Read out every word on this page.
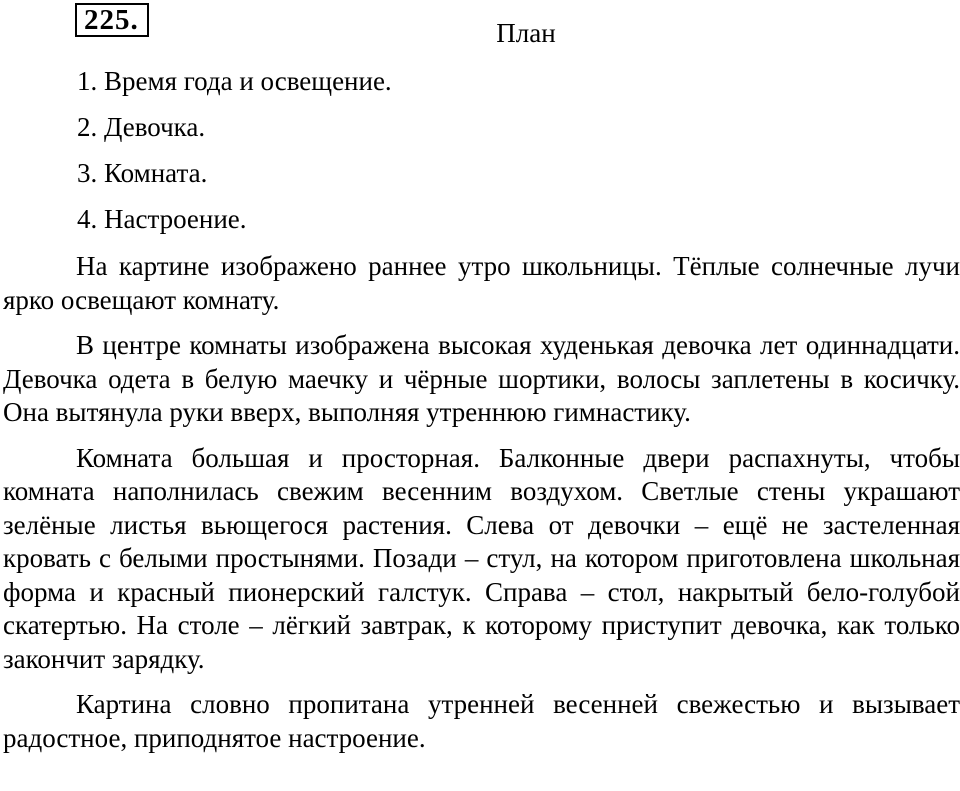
225.	План
1. Время года и освещение.
2. Девочка.
3. Комната.
4. Настроение.

На картине изображено раннее утро школьницы. Тёплые солнечные лучи ярко освещают комнату.

В центре комнаты изображена высокая худенькая девочка лет одиннадцати. Девочка одета в белую маечку и чёрные шортики, волосы заплетены в косичку. Она вытянула руки вверх, выполняя утреннюю гимнастику.

Комната большая и просторная. Балконные двери распахнуты, чтобы комната наполнилась свежим весенним воздухом. Светлые стены украшают зелёные листья вьющегося растения. Слева от девочки – ещё не застеленная кровать с белыми простынями. Позади – стул, на котором приготовлена школьная форма и красный пионерский галстук. Справа – стол, накрытый бело-голубой скатертью. На столе – лёгкий завтрак, к которому приступит девочка, как только закончит зарядку.

Картина словно пропитана утренней весенней свежестью и вызывает радостное, приподнятое настроение.
